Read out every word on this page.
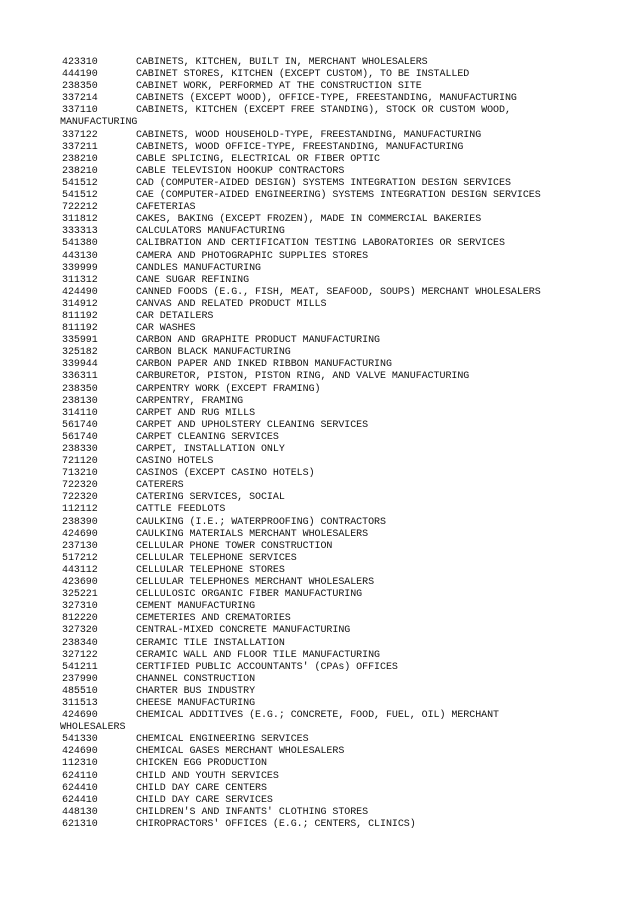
423310	CABINETS, KITCHEN, BUILT IN, MERCHANT WHOLESALERS
444190	CABINET STORES, KITCHEN (EXCEPT CUSTOM), TO BE INSTALLED
238350	CABINET WORK, PERFORMED AT THE CONSTRUCTION SITE
337214	CABINETS (EXCEPT WOOD), OFFICE-TYPE, FREESTANDING, MANUFACTURING
337110	CABINETS, KITCHEN (EXCEPT FREE STANDING), STOCK OR CUSTOM WOOD,
MANUFACTURING
337122	CABINETS, WOOD HOUSEHOLD-TYPE, FREESTANDING, MANUFACTURING
337211	CABINETS, WOOD OFFICE-TYPE, FREESTANDING, MANUFACTURING
238210	CABLE SPLICING, ELECTRICAL OR FIBER OPTIC
238210	CABLE TELEVISION HOOKUP CONTRACTORS
541512	CAD (COMPUTER-AIDED DESIGN) SYSTEMS INTEGRATION DESIGN SERVICES
541512	CAE (COMPUTER-AIDED ENGINEERING) SYSTEMS INTEGRATION DESIGN SERVICES
722212	CAFETERIAS
311812	CAKES, BAKING (EXCEPT FROZEN), MADE IN COMMERCIAL BAKERIES
333313	CALCULATORS MANUFACTURING
541380	CALIBRATION AND CERTIFICATION TESTING LABORATORIES OR SERVICES
443130	CAMERA AND PHOTOGRAPHIC SUPPLIES STORES
339999	CANDLES MANUFACTURING
311312	CANE SUGAR REFINING
424490	CANNED FOODS (E.G., FISH, MEAT, SEAFOOD, SOUPS) MERCHANT WHOLESALERS
314912	CANVAS AND RELATED PRODUCT MILLS
811192	CAR DETAILERS
811192	CAR WASHES
335991	CARBON AND GRAPHITE PRODUCT MANUFACTURING
325182	CARBON BLACK MANUFACTURING
339944	CARBON PAPER AND INKED RIBBON MANUFACTURING
336311	CARBURETOR, PISTON, PISTON RING, AND VALVE MANUFACTURING
238350	CARPENTRY WORK (EXCEPT FRAMING)
238130	CARPENTRY, FRAMING
314110	CARPET AND RUG MILLS
561740	CARPET AND UPHOLSTERY CLEANING SERVICES
561740	CARPET CLEANING SERVICES
238330	CARPET, INSTALLATION ONLY
721120	CASINO HOTELS
713210	CASINOS (EXCEPT CASINO HOTELS)
722320	CATERERS
722320	CATERING SERVICES, SOCIAL
112112	CATTLE FEEDLOTS
238390	CAULKING (I.E.; WATERPROOFING) CONTRACTORS
424690	CAULKING MATERIALS MERCHANT WHOLESALERS
237130	CELLULAR PHONE TOWER CONSTRUCTION
517212	CELLULAR TELEPHONE SERVICES
443112	CELLULAR TELEPHONE STORES
423690	CELLULAR TELEPHONES MERCHANT WHOLESALERS
325221	CELLULOSIC ORGANIC FIBER MANUFACTURING
327310	CEMENT MANUFACTURING
812220	CEMETERIES AND CREMATORIES
327320	CENTRAL-MIXED CONCRETE MANUFACTURING
238340	CERAMIC TILE INSTALLATION
327122	CERAMIC WALL AND FLOOR TILE MANUFACTURING
541211	CERTIFIED PUBLIC ACCOUNTANTS' (CPAs) OFFICES
237990	CHANNEL CONSTRUCTION
485510	CHARTER BUS INDUSTRY
311513	CHEESE MANUFACTURING
424690	CHEMICAL ADDITIVES (E.G.; CONCRETE, FOOD, FUEL, OIL) MERCHANT
WHOLESALERS
541330	CHEMICAL ENGINEERING SERVICES
424690	CHEMICAL GASES MERCHANT WHOLESALERS
112310	CHICKEN EGG PRODUCTION
624110	CHILD AND YOUTH SERVICES
624410	CHILD DAY CARE CENTERS
624410	CHILD DAY CARE SERVICES
448130	CHILDREN'S AND INFANTS' CLOTHING STORES
621310	CHIROPRACTORS' OFFICES (E.G.; CENTERS, CLINICS)
